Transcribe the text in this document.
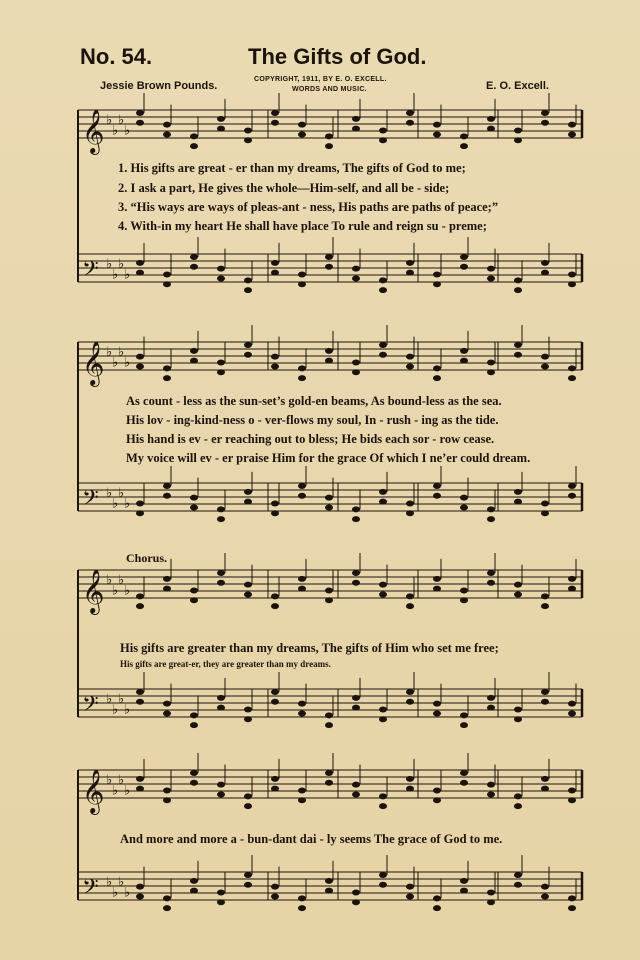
No. 54.	The Gifts of God.
Jessie Brown Pounds.
COPYRIGHT, 1911, BY E. O. EXCELL.
WORDS AND MUSIC.	E. O. Excell.
𝄞 ♭
♭
♭
♭
𝄢 ♭
♭
♭
♭
𝄞 ♭
♭
♭
♭
𝄢 ♭
♭
♭
♭
𝄞 ♭
♭
♭
♭
𝄢 ♭
♭
♭
♭
𝄞 ♭
♭
♭
♭
𝄢 ♭
♭
♭
♭
1. His gifts are great - er than my dreams, The gifts of God to me;
2. I ask a part, He gives the whole—Him-self, and all be - side;
3. “His ways are ways of pleas-ant - ness, His paths are paths of peace;”
4. With-in my heart He shall have place To rule and reign su - preme;
As count - less as the sun-set’s gold-en beams, As bound-less as the sea.
His lov - ing-kind-ness o - ver-flows my soul, In - rush - ing as the tide.
His hand is ev - er reaching out to bless; He bids each sor - row cease.
My voice will ev - er praise Him for the grace Of which I ne’er could dream.
Chorus.
His gifts are greater than my dreams, The gifts of Him who set me free;
His gifts are great-er, they are greater than my dreams.
And more and more a - bun-dant dai - ly seems The grace of God to me.
